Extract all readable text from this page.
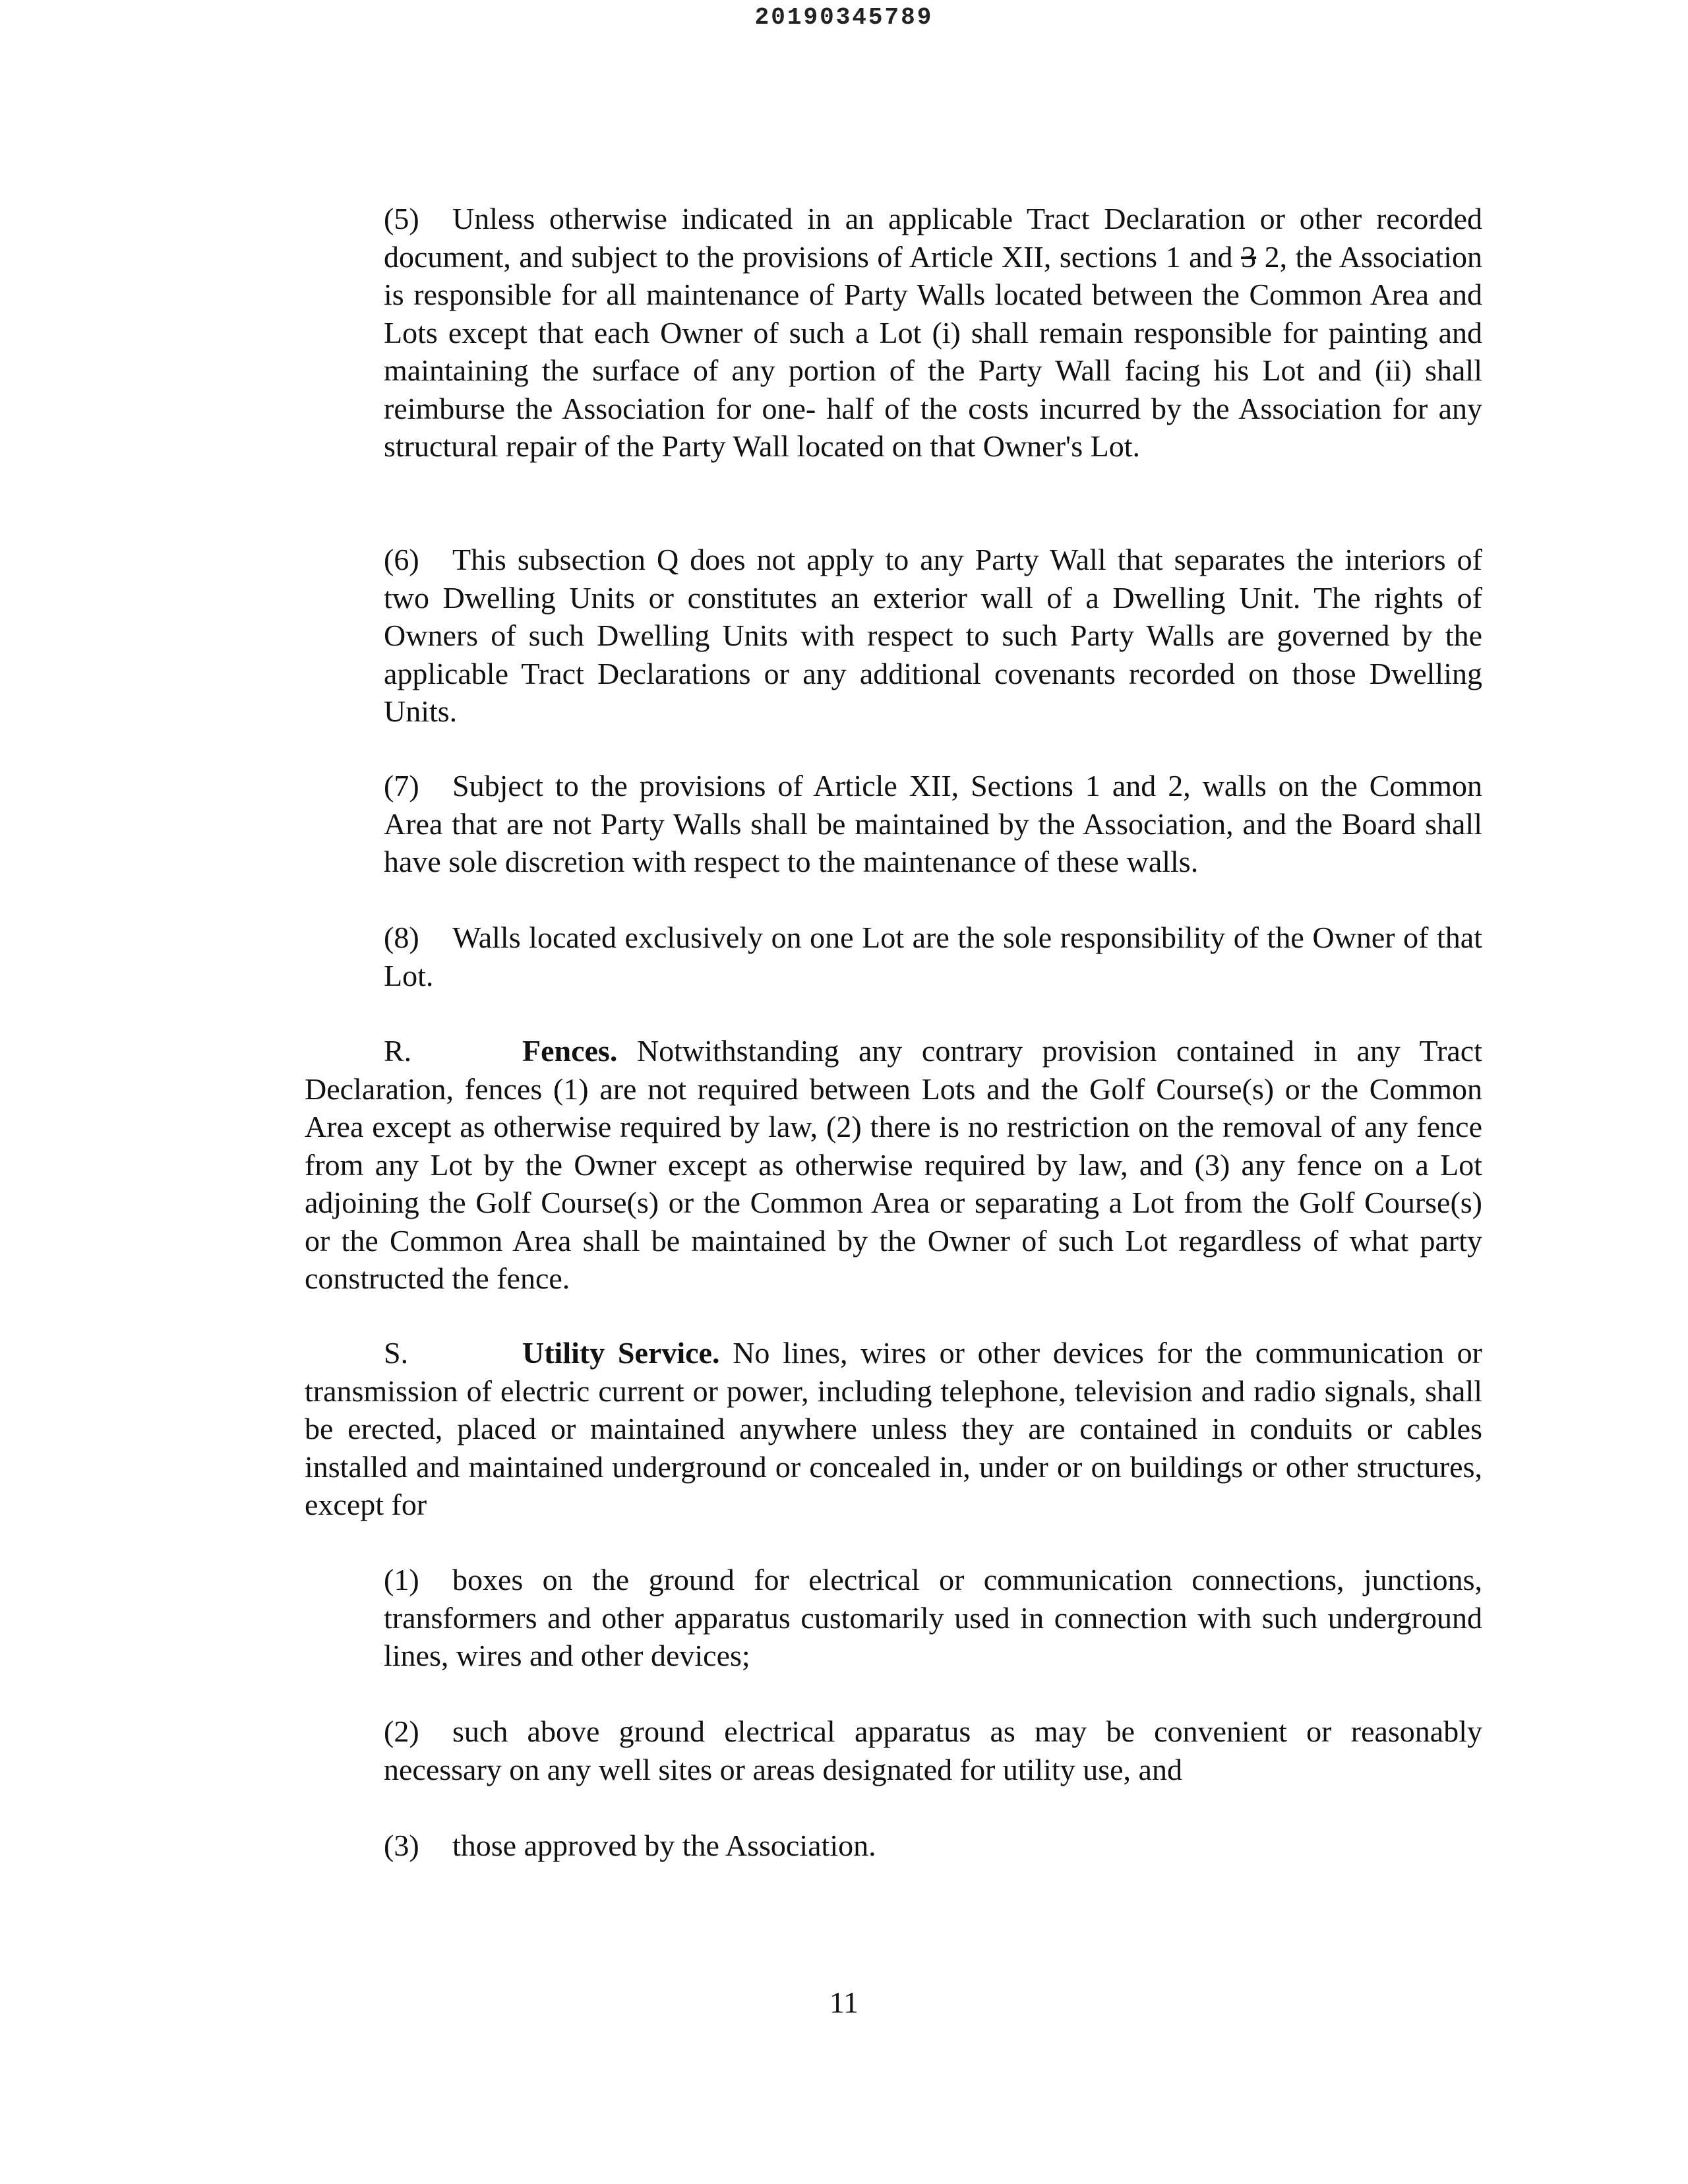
20190345789

(5) Unless otherwise indicated in an applicable Tract Declaration or other recorded document, and subject to the provisions of Article XII, sections 1 and 3 2, the Association is responsible for all maintenance of Party Walls located between the Common Area and Lots except that each Owner of such a Lot (i) shall remain responsible for painting and maintaining the surface of any portion of the Party Wall facing his Lot and (ii) shall reimburse the Association for one- half of the costs incurred by the Association for any structural repair of the Party Wall located on that Owner's Lot.

(6) This subsection Q does not apply to any Party Wall that separates the interiors of two Dwelling Units or constitutes an exterior wall of a Dwelling Unit. The rights of Owners of such Dwelling Units with respect to such Party Walls are governed by the applicable Tract Declarations or any additional covenants recorded on those Dwelling Units.

(7) Subject to the provisions of Article XII, Sections 1 and 2, walls on the Common Area that are not Party Walls shall be maintained by the Association, and the Board shall have sole discretion with respect to the maintenance of these walls.

(8) Walls located exclusively on one Lot are the sole responsibility of the Owner of that Lot.

R.	Fences. Notwithstanding any contrary provision contained in any Tract Declaration, fences (1) are not required between Lots and the Golf Course(s) or the Common Area except as otherwise required by law, (2) there is no restriction on the removal of any fence from any Lot by the Owner except as otherwise required by law, and (3) any fence on a Lot adjoining the Golf Course(s) or the Common Area or separating a Lot from the Golf Course(s) or the Common Area shall be maintained by the Owner of such Lot regardless of what party constructed the fence.

S.	Utility Service. No lines, wires or other devices for the communication or transmission of electric current or power, including telephone, television and radio signals, shall be erected, placed or maintained anywhere unless they are contained in conduits or cables installed and maintained underground or concealed in, under or on buildings or other structures, except for

(1) boxes on the ground for electrical or communication connections, junctions, transformers and other apparatus customarily used in connection with such underground lines, wires and other devices;

(2) such above ground electrical apparatus as may be convenient or reasonably necessary on any well sites or areas designated for utility use, and

(3) those approved by the Association.

11
